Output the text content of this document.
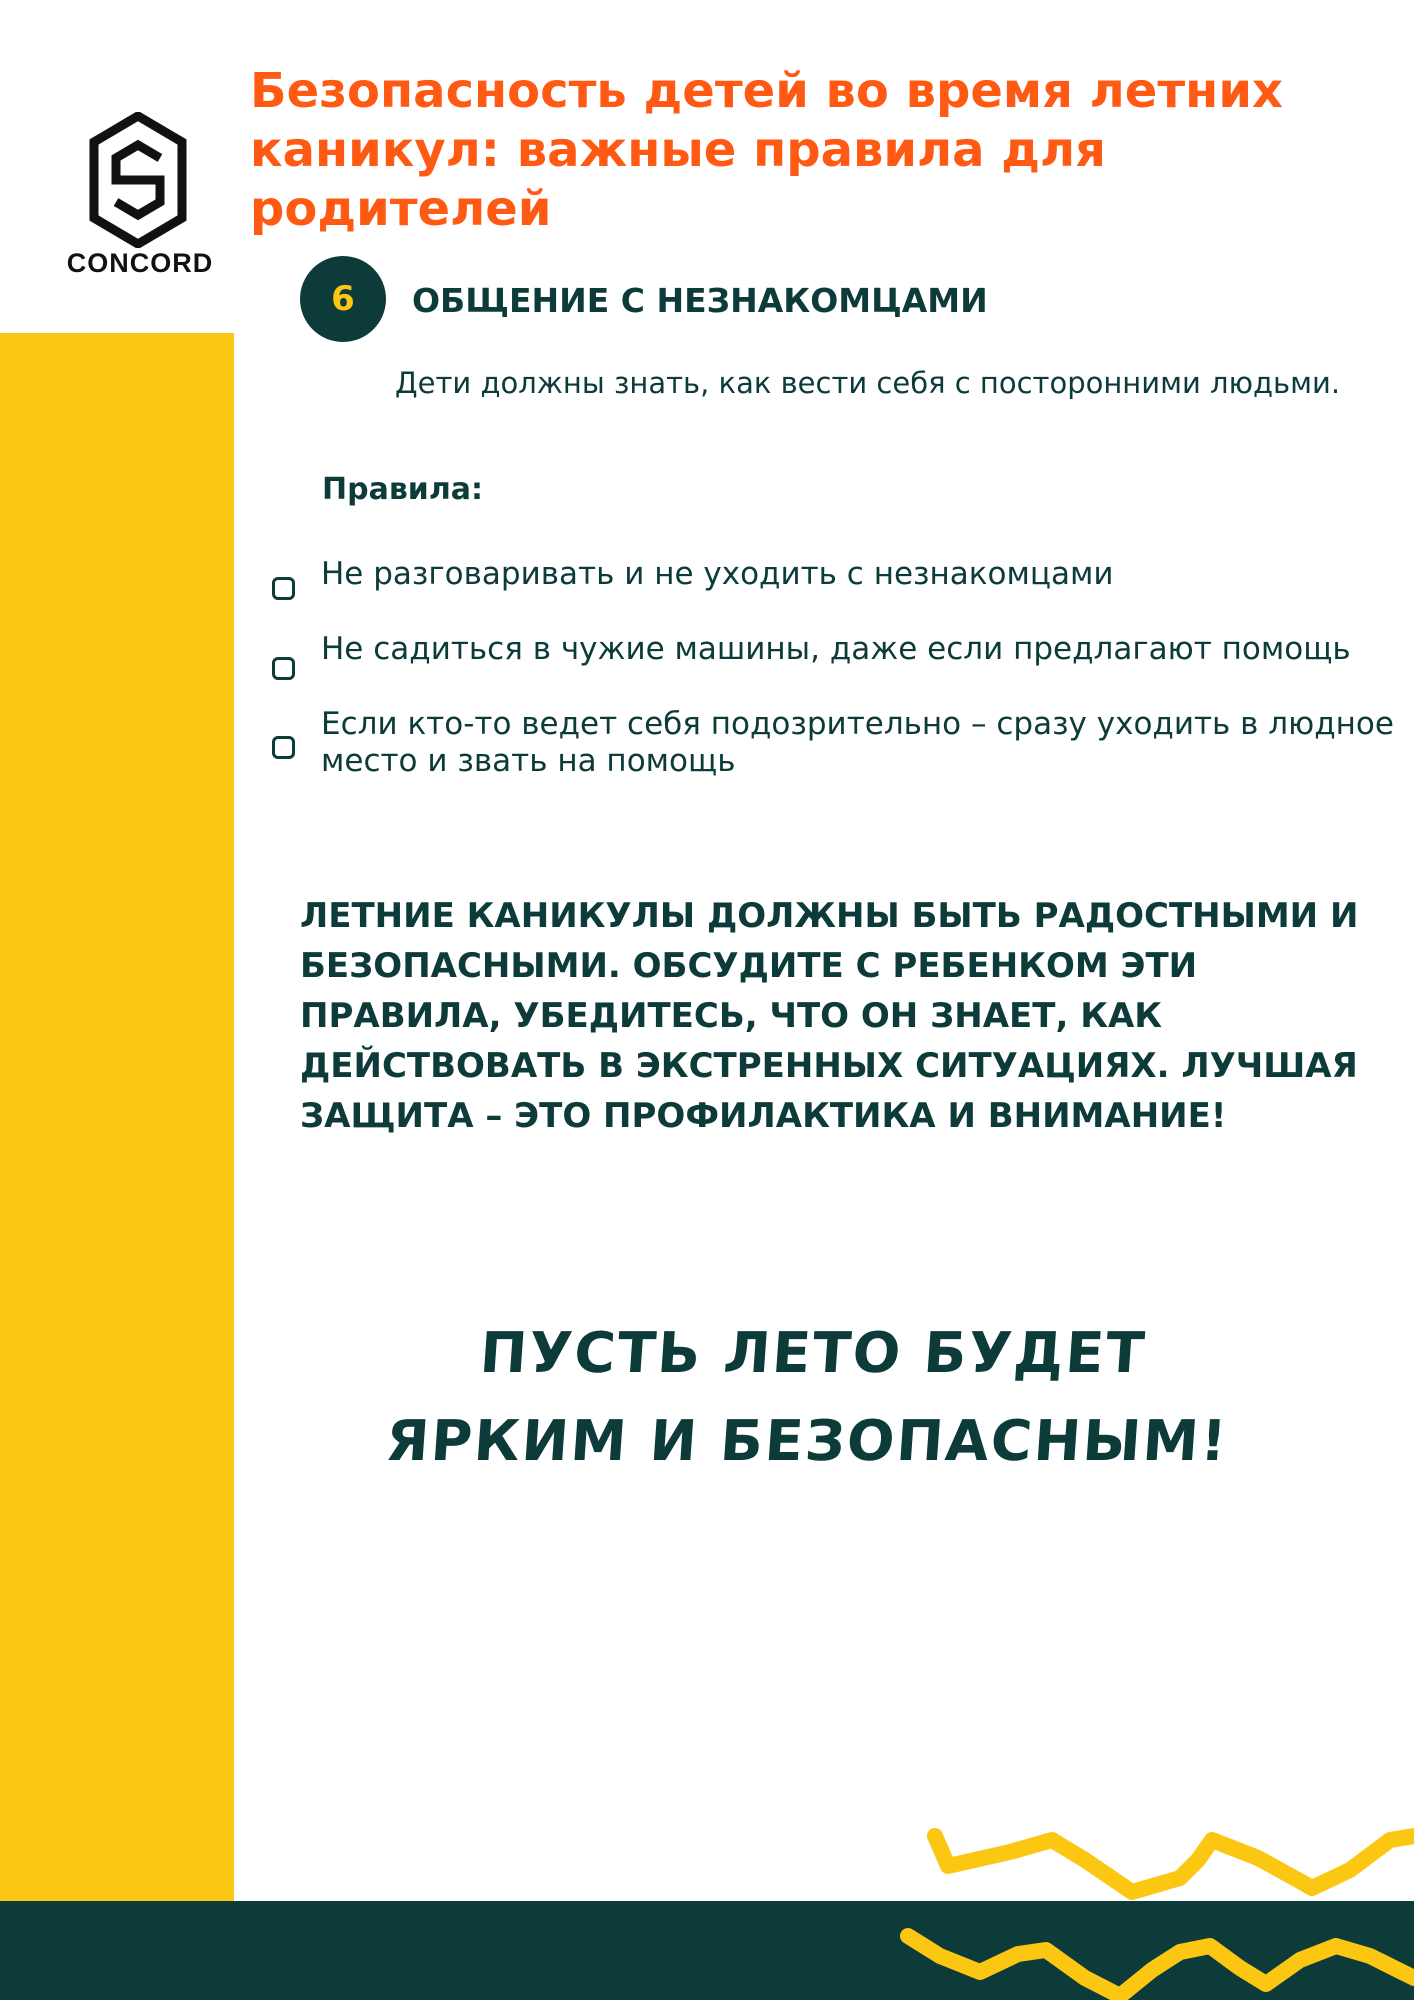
CONCORD
Безопасность детей во время летних каникул: важные правила для родителей
6	ОБЩЕНИЕ С НЕЗНАКОМЦАМИ
Дети должны знать, как вести себя с посторонними людьми.
Правила:
Не разговаривать и не уходить с незнакомцами
Не садиться в чужие машины, даже если предлагают помощь
Если кто-то ведет себя подозрительно – сразу уходить в людное место и звать на помощь
ЛЕТНИЕ КАНИКУЛЫ ДОЛЖНЫ БЫТЬ РАДОСТНЫМИ И БЕЗОПАСНЫМИ. ОБСУДИТЕ С РЕБЕНКОМ ЭТИ ПРАВИЛА, УБЕДИТЕСЬ, ЧТО ОН ЗНАЕТ, КАК ДЕЙСТВОВАТЬ В ЭКСТРЕННЫХ СИТУАЦИЯХ. ЛУЧШАЯ ЗАЩИТА – ЭТО ПРОФИЛАКТИКА И ВНИМАНИЕ!
ПУСТЬ ЛЕТО БУДЕТ ЯРКИМ И БЕЗОПАСНЫМ!
